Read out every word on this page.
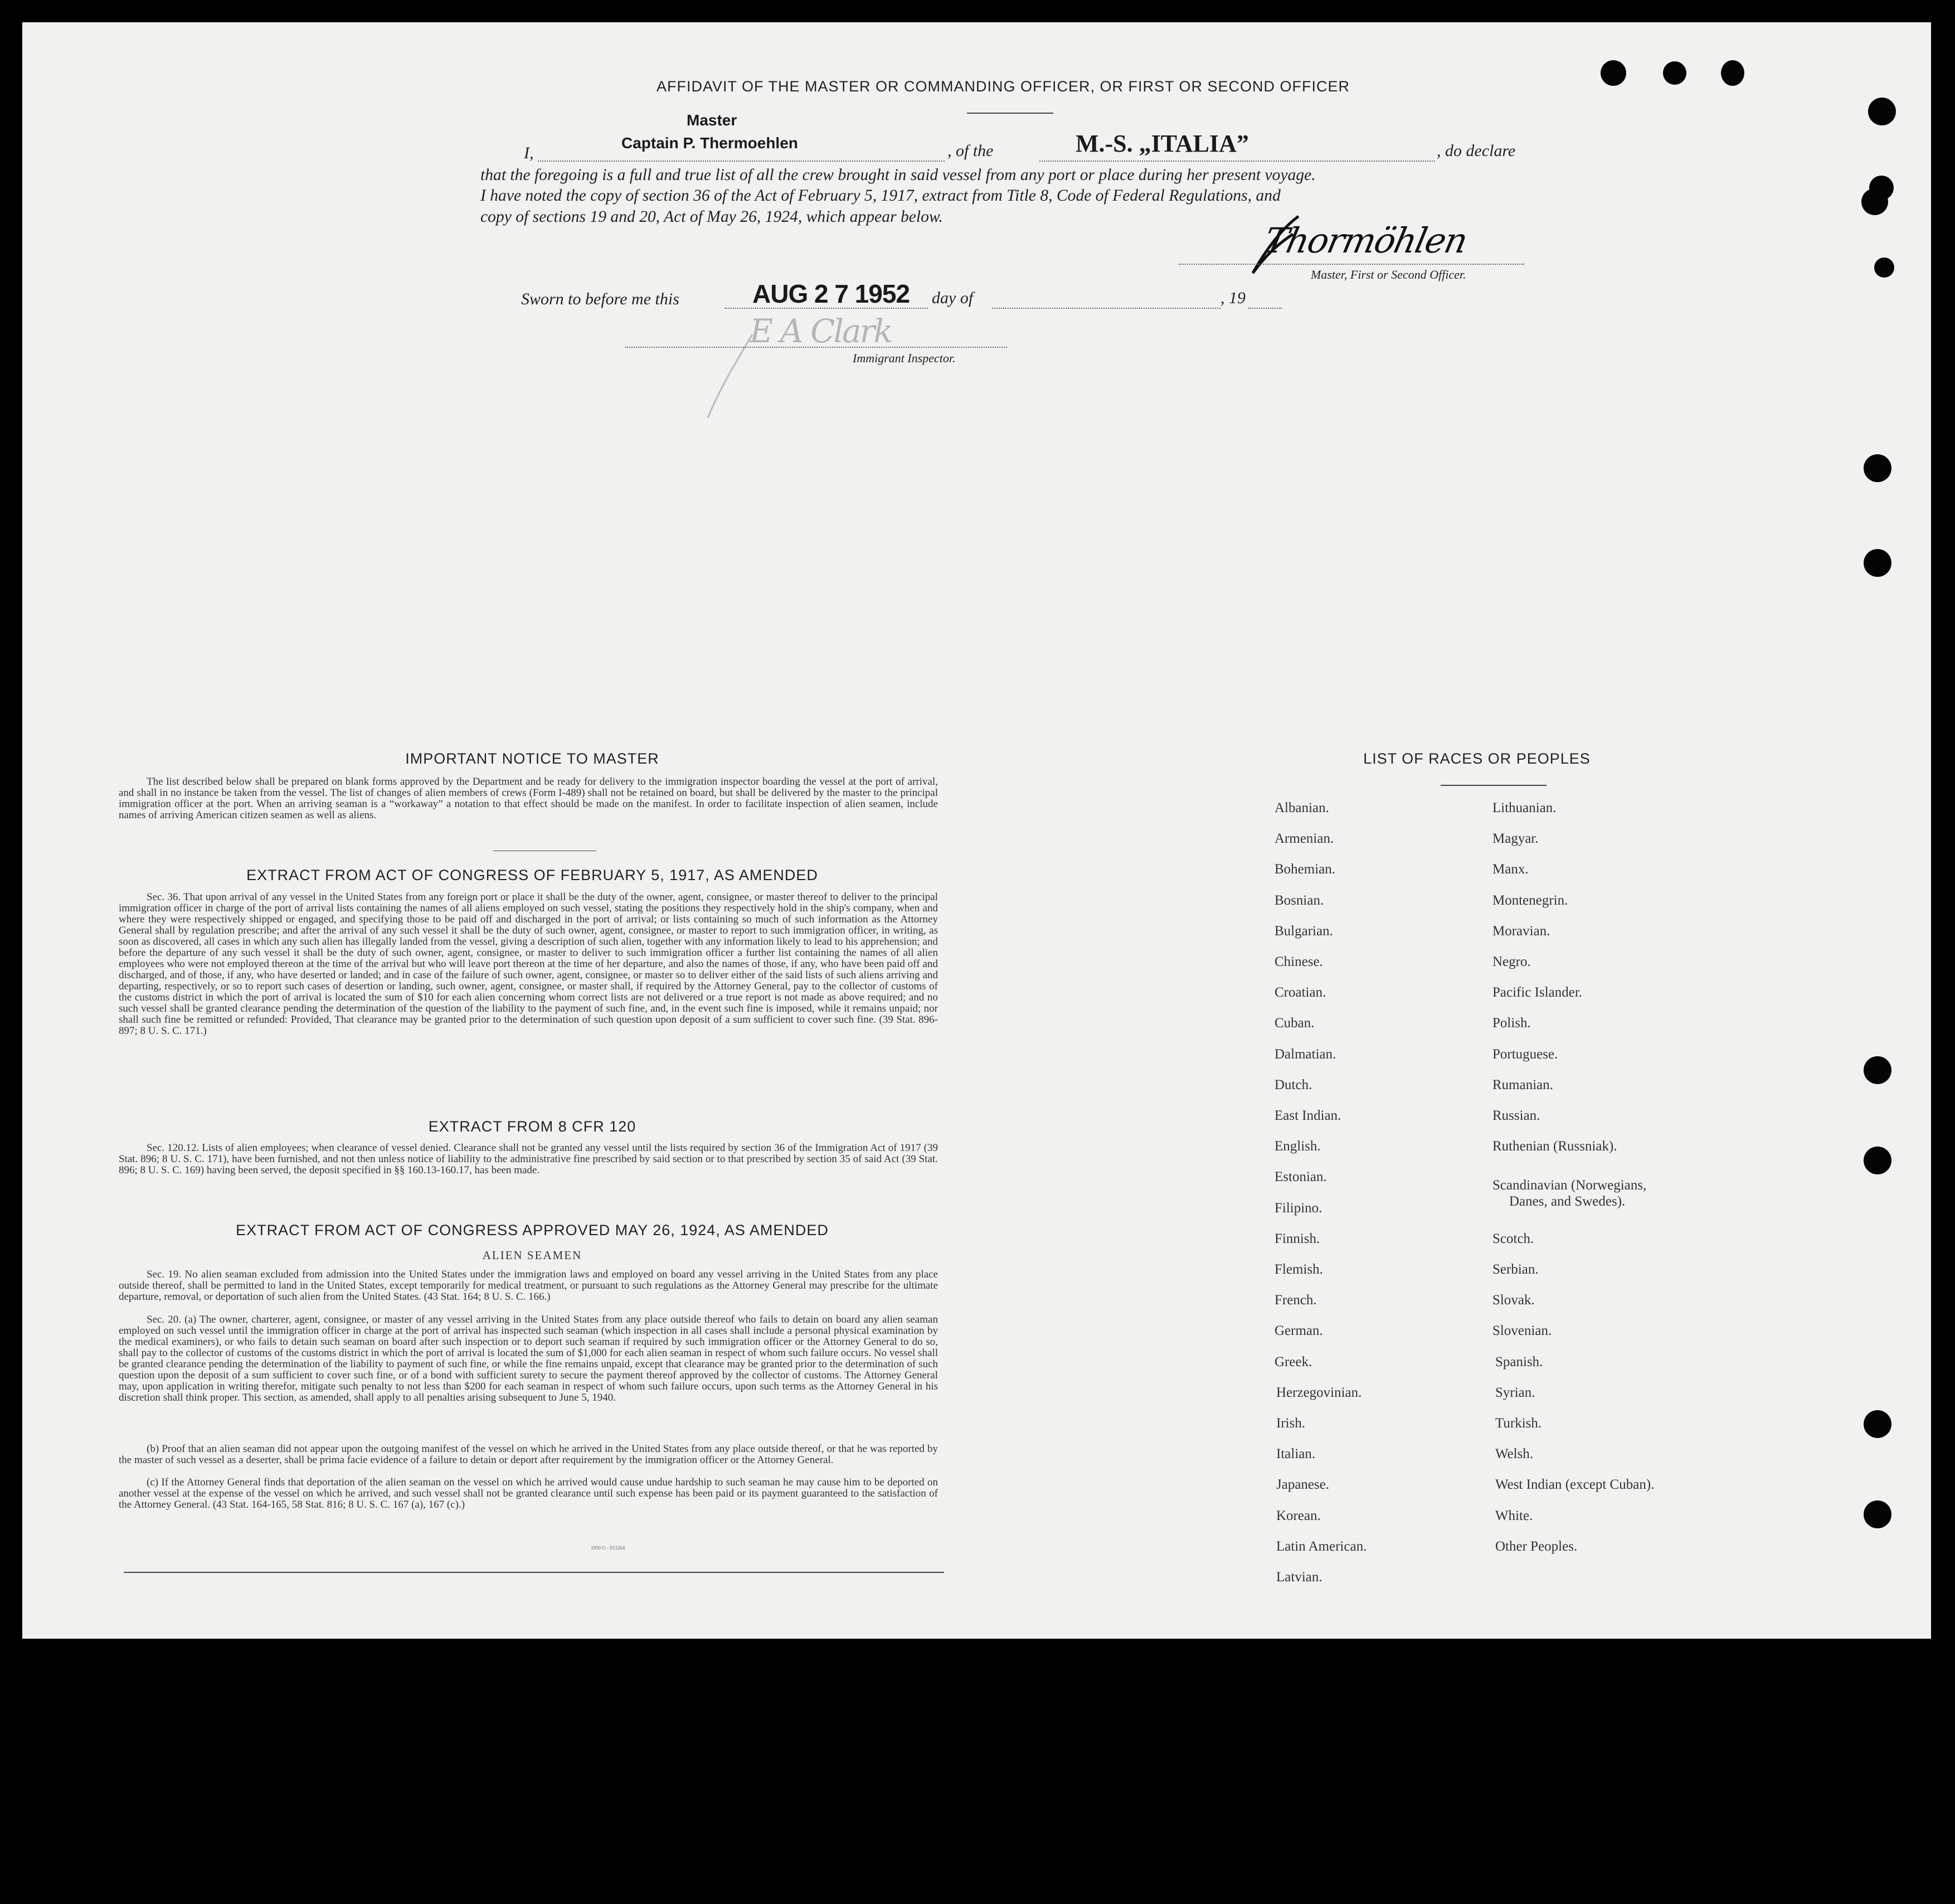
AFFIDAVIT OF THE MASTER OR COMMANDING OFFICER, OR FIRST OR SECOND OFFICER
I,
Master
Captain P. Thermoehlen	, of the	M.-S. „ITALIA”	, do declare
that the foregoing is a full and true list of all the crew brought in said vessel from any port or place during her present voyage.
I have noted the copy of section 36 of the Act of February 5, 1917, extract from Title 8, Code of Federal Regulations, and
copy of sections 19 and 20, Act of May 26, 1924, which appear below.
Thormöhlen
Master, First or Second Officer.
Sworn to before me this	AUG 2 7 1952 day of	, 19
E A Clark
Immigrant Inspector.
IMPORTANT NOTICE TO MASTER
The list described below shall be prepared on blank forms approved by the Department and be ready for delivery to the immigration inspector boarding the vessel at the port of arrival, and shall in no instance be taken from the vessel. The list of changes of alien members of crews (Form I-489) shall not be retained on board, but shall be delivered by the master to the principal immigration officer at the port. When an arriving seaman is a “workaway” a notation to that effect should be made on the manifest. In order to facilitate inspection of alien seamen, include names of arriving American citizen seamen as well as aliens.
EXTRACT FROM ACT OF CONGRESS OF FEBRUARY 5, 1917, AS AMENDED
Sec. 36. That upon arrival of any vessel in the United States from any foreign port or place it shall be the duty of the owner, agent, consignee, or master thereof to deliver to the principal immigration officer in charge of the port of arrival lists containing the names of all aliens employed on such vessel, stating the positions they respectively hold in the ship's company, when and where they were respectively shipped or engaged, and specifying those to be paid off and discharged in the port of arrival; or lists containing so much of such information as the Attorney General shall by regulation prescribe; and after the arrival of any such vessel it shall be the duty of such owner, agent, consignee, or master to report to such immigration officer, in writing, as soon as discovered, all cases in which any such alien has illegally landed from the vessel, giving a description of such alien, together with any information likely to lead to his apprehension; and before the departure of any such vessel it shall be the duty of such owner, agent, consignee, or master to deliver to such immigration officer a further list containing the names of all alien employees who were not employed thereon at the time of the arrival but who will leave port thereon at the time of her departure, and also the names of those, if any, who have been paid off and discharged, and of those, if any, who have deserted or landed; and in case of the failure of such owner, agent, consignee, or master so to deliver either of the said lists of such aliens arriving and departing, respectively, or so to report such cases of desertion or landing, such owner, agent, consignee, or master shall, if required by the Attorney General, pay to the collector of customs of the customs district in which the port of arrival is located the sum of $10 for each alien concerning whom correct lists are not delivered or a true report is not made as above required; and no such vessel shall be granted clearance pending the determination of the question of the liability to the payment of such fine, and, in the event such fine is imposed, while it remains unpaid; nor shall such fine be remitted or refunded: Provided, That clearance may be granted prior to the determination of such question upon deposit of a sum sufficient to cover such fine. (39 Stat. 896-897; 8 U. S. C. 171.)
EXTRACT FROM 8 CFR 120
Sec. 120.12. Lists of alien employees; when clearance of vessel denied. Clearance shall not be granted any vessel until the lists required by section 36 of the Immigration Act of 1917 (39 Stat. 896; 8 U. S. C. 171), have been furnished, and not then unless notice of liability to the administrative fine prescribed by said section or to that prescribed by section 35 of said Act (39 Stat. 896; 8 U. S. C. 169) having been served, the deposit specified in §§ 160.13-160.17, has been made.
EXTRACT FROM ACT OF CONGRESS APPROVED MAY 26, 1924, AS AMENDED
ALIEN SEAMEN
Sec. 19. No alien seaman excluded from admission into the United States under the immigration laws and employed on board any vessel arriving in the United States from any place outside thereof, shall be permitted to land in the United States, except temporarily for medical treatment, or pursuant to such regulations as the Attorney General may prescribe for the ultimate departure, removal, or deportation of such alien from the United States. (43 Stat. 164; 8 U. S. C. 166.)
Sec. 20. (a) The owner, charterer, agent, consignee, or master of any vessel arriving in the United States from any place outside thereof who fails to detain on board any alien seaman employed on such vessel until the immigration officer in charge at the port of arrival has inspected such seaman (which inspection in all cases shall include a personal physical examination by the medical examiners), or who fails to detain such seaman on board after such inspection or to deport such seaman if required by such immigration officer or the Attorney General to do so, shall pay to the collector of customs of the customs district in which the port of arrival is located the sum of $1,000 for each alien seaman in respect of whom such failure occurs. No vessel shall be granted clearance pending the determination of the liability to payment of such fine, or while the fine remains unpaid, except that clearance may be granted prior to the determination of such question upon the deposit of a sum sufficient to cover such fine, or of a bond with sufficient surety to secure the payment thereof approved by the collector of customs. The Attorney General may, upon application in writing therefor, mitigate such penalty to not less than $200 for each seaman in respect of whom such failure occurs, upon such terms as the Attorney General in his discretion shall think proper. This section, as amended, shall apply to all penalties arising subsequent to June 5, 1940.
(b) Proof that an alien seaman did not appear upon the outgoing manifest of the vessel on which he arrived in the United States from any place outside thereof, or that he was reported by the master of such vessel as a deserter, shall be prima facie evidence of a failure to detain or deport after requirement by the immigration officer or the Attorney General.
(c) If the Attorney General finds that deportation of the alien seaman on the vessel on which he arrived would cause undue hardship to such seaman he may cause him to be deported on another vessel at the expense of the vessel on which he arrived, and such vessel shall not be granted clearance until such expense has been paid or its payment guaranteed to the satisfaction of the Attorney General. (43 Stat. 164-165, 58 Stat. 816; 8 U. S. C. 167 (a), 167 (c).)
1950 O - 913264
LIST OF RACES OR PEOPLES
Albanian.
Armenian.
Bohemian.
Bosnian.
Bulgarian.
Chinese.
Croatian.
Cuban.
Dalmatian.
Dutch.
East Indian.
English.
Estonian.
Filipino.
Finnish.
Flemish.
French.
German.
Greek.
Herzegovinian.
Irish.
Italian.
Japanese.
Korean.
Latin American.
Latvian.
Lithuanian.
Magyar.
Manx.
Montenegrin.
Moravian.
Negro.
Pacific Islander.
Polish.
Portuguese.
Rumanian.
Russian.
Ruthenian (Russniak).
Scandinavian (Norwegians,
Danes, and Swedes).
Scotch.
Serbian.
Slovak.
Slovenian.
Spanish.
Syrian.
Turkish.
Welsh.
West Indian (except Cuban).
White.
Other Peoples.
